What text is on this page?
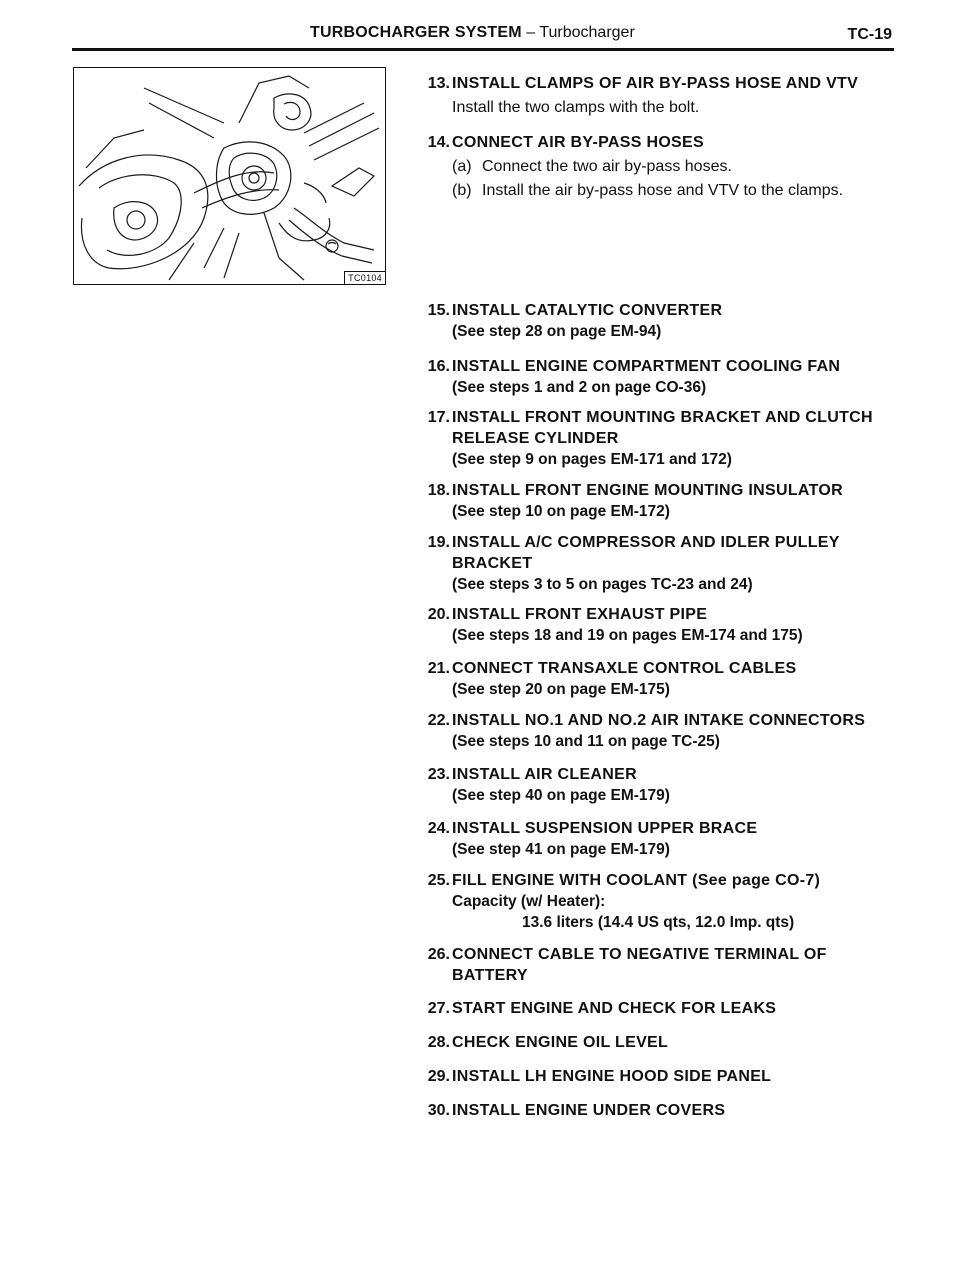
TURBOCHARGER SYSTEM – Turbocharger	TC-19
TC0104
13. INSTALL CLAMPS OF AIR BY-PASS HOSE AND VTV
Install the two clamps with the bolt.
14. CONNECT AIR BY-PASS HOSES
(a) Connect the two air by-pass hoses.
(b) Install the air by-pass hose and VTV to the clamps.
15. INSTALL CATALYTIC CONVERTER
(See step 28 on page EM-94)
16. INSTALL ENGINE COMPARTMENT COOLING FAN
(See steps 1 and 2 on page CO-36)
17. INSTALL FRONT MOUNTING BRACKET AND CLUTCH
RELEASE CYLINDER
(See step 9 on pages EM-171 and 172)
18. INSTALL FRONT ENGINE MOUNTING INSULATOR
(See step 10 on page EM-172)
19. INSTALL A/C COMPRESSOR AND IDLER PULLEY
BRACKET
(See steps 3 to 5 on pages TC-23 and 24)
20. INSTALL FRONT EXHAUST PIPE
(See steps 18 and 19 on pages EM-174 and 175)
21. CONNECT TRANSAXLE CONTROL CABLES
(See step 20 on page EM-175)
22. INSTALL NO.1 AND NO.2 AIR INTAKE CONNECTORS
(See steps 10 and 11 on page TC-25)
23. INSTALL AIR CLEANER
(See step 40 on page EM-179)
24. INSTALL SUSPENSION UPPER BRACE
(See step 41 on page EM-179)
25. FILL ENGINE WITH COOLANT (See page CO-7)
Capacity (w/ Heater):
13.6 liters (14.4 US qts, 12.0 Imp. qts)
26. CONNECT CABLE TO NEGATIVE TERMINAL OF
BATTERY
27. START ENGINE AND CHECK FOR LEAKS
28. CHECK ENGINE OIL LEVEL
29. INSTALL LH ENGINE HOOD SIDE PANEL
30. INSTALL ENGINE UNDER COVERS
